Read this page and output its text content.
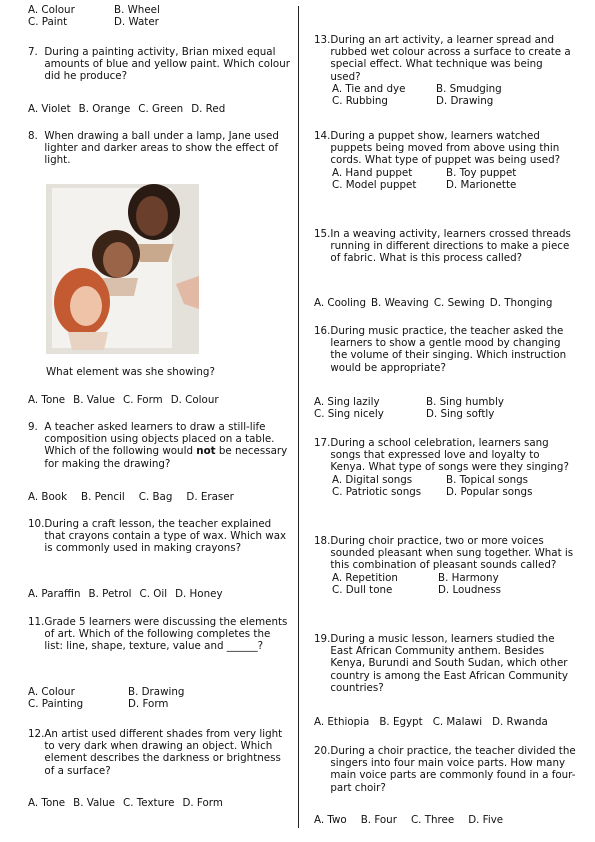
A. Colour	B. Wheel
C. Paint	D. Water
7.
During a painting activity, Brian mixed equal amounts of blue and yellow paint. Which colour did he produce?
A. Violet B. Orange C. Green D. Red
8.
When drawing a ball under a lamp, Jane used lighter and darker areas to show the effect of light.
What element was she showing?
A. Tone B. Value C. Form D. Colour
9.
A teacher asked learners to draw a still-life composition using objects placed on a table. Which of the following would not be necessary for making the drawing?
A. Book B. Pencil C. Bag D. Eraser
10. During a craft lesson, the teacher explained that crayons contain a type of wax. Which wax is commonly used in making crayons?
A. Paraffin B. Petrol C. Oil D. Honey
11. Grade 5 learners were discussing the elements of art. Which of the following completes the list: line, shape, texture, value and ______?
A. Colour	B. Drawing
C. Painting	D. Form
12. An artist used different shades from very light to very dark when drawing an object. Which element describes the darkness or brightness of a surface?
A. Tone B. Value C. Texture D. Form
13. During an art activity, a learner spread and rubbed wet colour across a surface to create a special effect. What technique was being used?
A. Tie and dye	B. Smudging
C. Rubbing	D. Drawing
14. During a puppet show, learners watched puppets being moved from above using thin cords. What type of puppet was being used?
A. Hand puppet	B. Toy puppet
C. Model puppet	D. Marionette
15. In a weaving activity, learners crossed threads running in different directions to make a piece of fabric. What is this process called?
A. Cooling B. Weaving C. Sewing D. Thonging
16. During music practice, the teacher asked the learners to show a gentle mood by changing the volume of their singing. Which instruction would be appropriate?
A. Sing lazily	B. Sing humbly
C. Sing nicely	D. Sing softly
17. During a school celebration, learners sang songs that expressed love and loyalty to Kenya. What type of songs were they singing?
A. Digital songs	B. Topical songs
C. Patriotic songs	D. Popular songs
18. During choir practice, two or more voices sounded pleasant when sung together. What is this combination of pleasant sounds called?
A. Repetition	B. Harmony
C. Dull tone	D. Loudness
19. During a music lesson, learners studied the East African Community anthem. Besides Kenya, Burundi and South Sudan, which other country is among the East African Community countries?
A. Ethiopia B. Egypt C. Malawi D. Rwanda
20. During a choir practice, the teacher divided the singers into four main voice parts. How many main voice parts are commonly found in a four-part choir?
A. Two B. Four C. Three D. Five
